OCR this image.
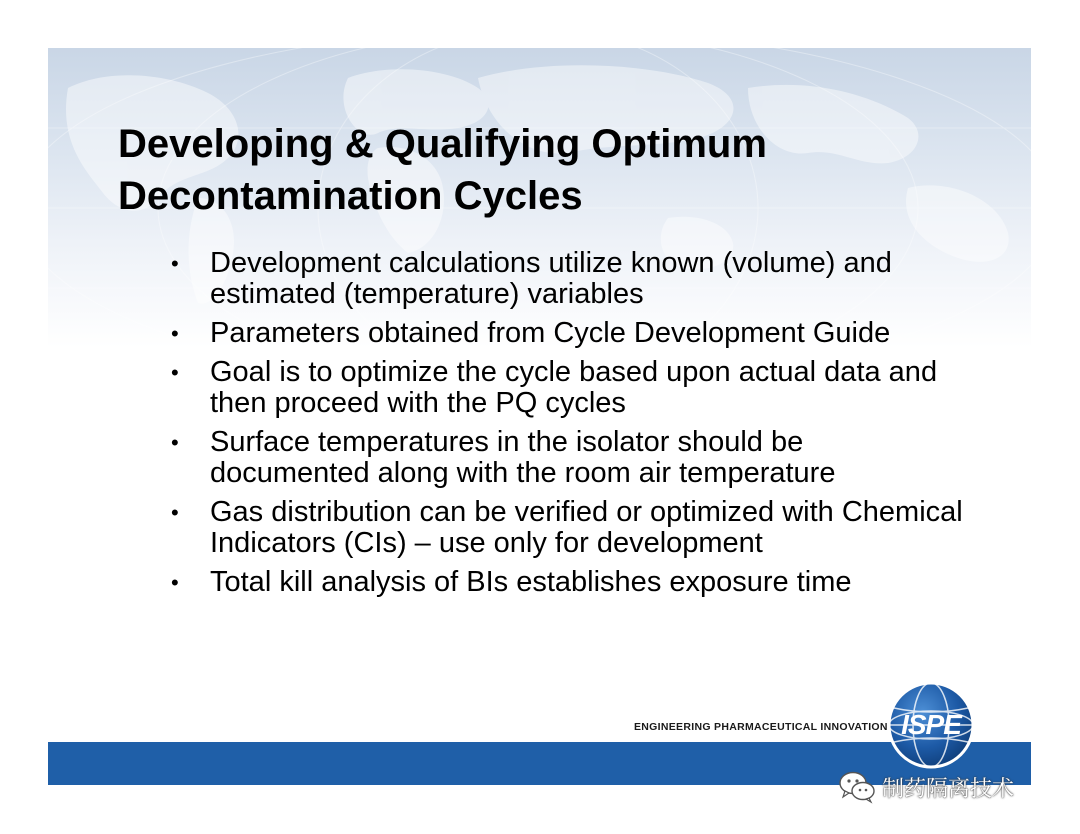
Developing & Qualifying Optimum
Decontamination Cycles
• Development calculations utilize known (volume) and estimated (temperature) variables
• Parameters obtained from Cycle Development Guide
• Goal is to optimize the cycle based upon actual data and then proceed with the PQ cycles
• Surface temperatures in the isolator should be documented along with the room air temperature
• Gas distribution can be verified or optimized with Chemical Indicators (CIs) – use only for development
• Total kill analysis of BIs establishes exposure time
ENGINEERING PHARMACEUTICAL INNOVATION ISPE
制药隔离技术
